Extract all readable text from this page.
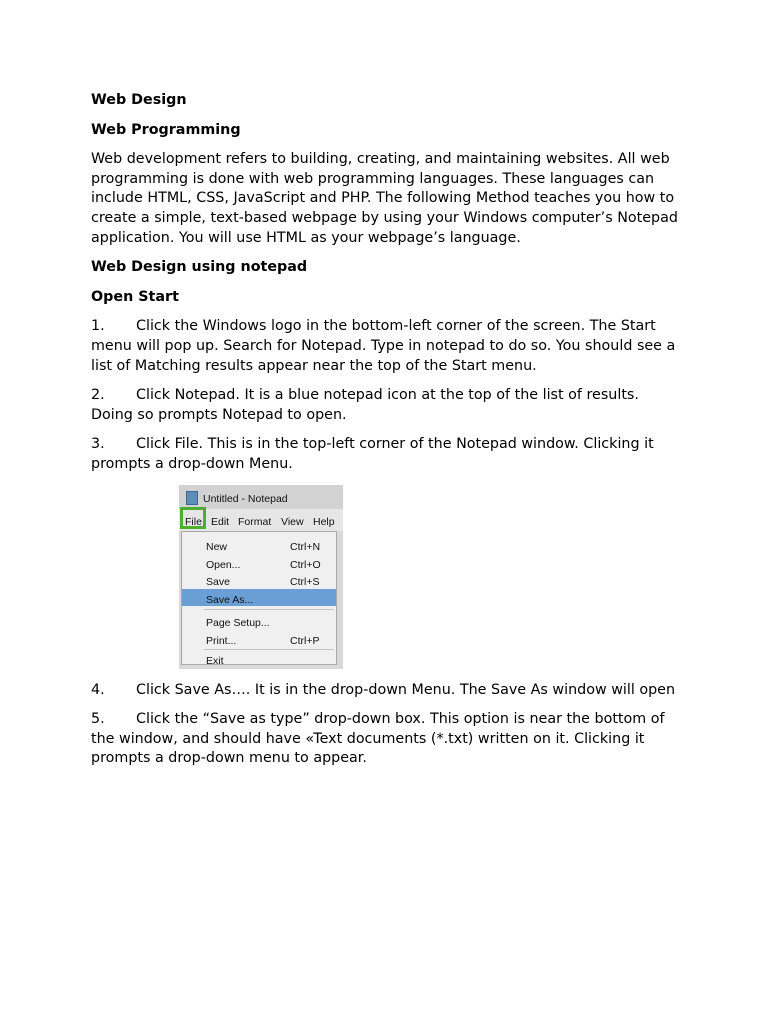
Web Design
Web Programming
Web development refers to building, creating, and maintaining websites. All web programming is done with web programming languages. These languages can include HTML, CSS, JavaScript and PHP. The following Method teaches you how to create a simple, text-based webpage by using your Windows computer’s Notepad application. You will use HTML as your webpage’s language.
Web Design using notepad
Open Start
1. Click the Windows logo in the bottom-left corner of the screen. The Start menu will pop up. Search for Notepad. Type in notepad to do so. You should see a list of Matching results appear near the top of the Start menu.
2. Click Notepad. It is a blue notepad icon at the top of the list of results. Doing so prompts Notepad to open.
3. Click File. This is in the top-left corner of the Notepad window. Clicking it prompts a drop-down Menu.
Untitled - Notepad
File Edit Format View Help
New	Ctrl+N
Open...	Ctrl+O
Save	Ctrl+S
Save As...
Page Setup...
Print...	Ctrl+P
Exit
4. Click Save As…. It is in the drop-down Menu. The Save As window will open
5. Click the “Save as type” drop-down box. This option is near the bottom of the window, and should have «Text documents (*.txt) written on it. Clicking it prompts a drop-down menu to appear.
